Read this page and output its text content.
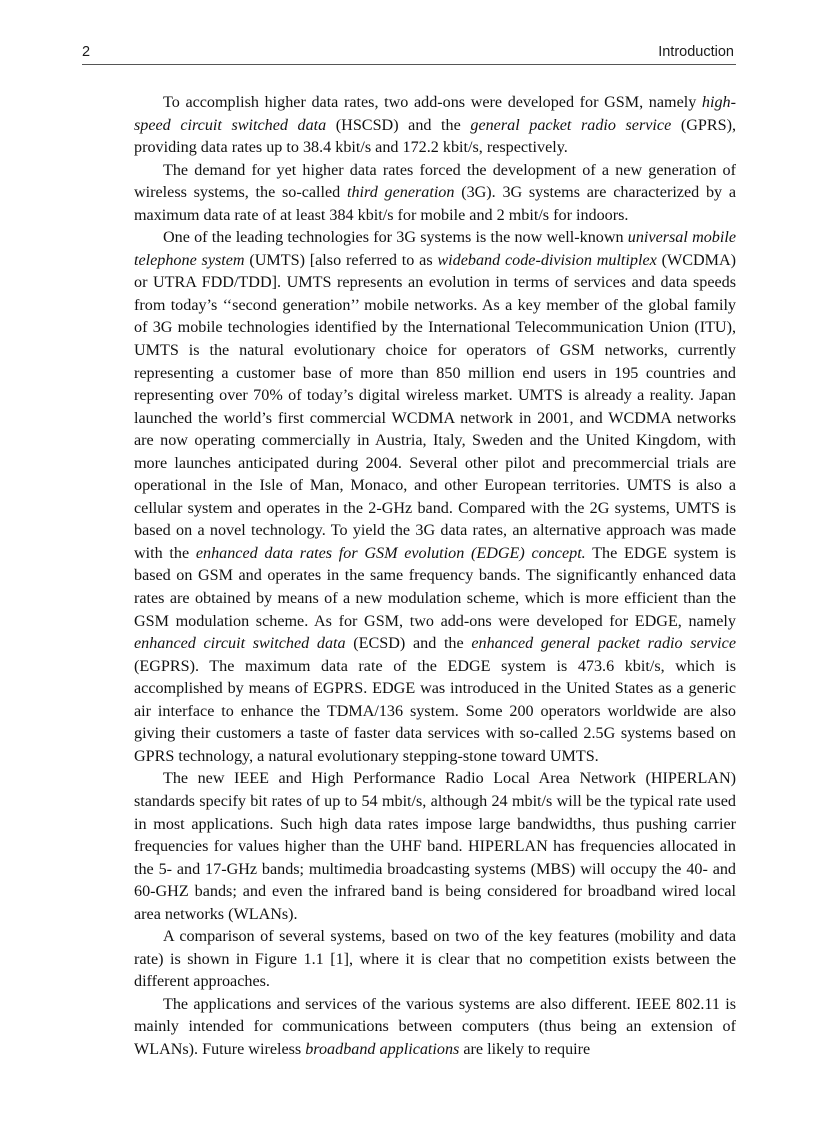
2	Introduction

To accomplish higher data rates, two add-ons were developed for GSM, namely high-speed circuit switched data (HSCSD) and the general packet radio service (GPRS), providing data rates up to 38.4 kbit/s and 172.2 kbit/s, respectively.

The demand for yet higher data rates forced the development of a new generation of wireless systems, the so-called third generation (3G). 3G systems are characterized by a maximum data rate of at least 384 kbit/s for mobile and 2 mbit/s for indoors.

One of the leading technologies for 3G systems is the now well-known universal mobile telephone system (UMTS) [also referred to as wideband code-division multiplex (WCDMA) or UTRA FDD/TDD]. UMTS represents an evolution in terms of services and data speeds from today’s ‘‘second generation’’ mobile networks. As a key member of the global family of 3G mobile technologies identified by the International Telecommunication Union (ITU), UMTS is the natural evolutionary choice for operators of GSM networks, currently representing a customer base of more than 850 million end users in 195 countries and representing over 70% of today’s digital wireless market. UMTS is already a reality. Japan launched the world’s first commercial WCDMA network in 2001, and WCDMA networks are now operating commercially in Austria, Italy, Sweden and the United Kingdom, with more launches anticipated during 2004. Several other pilot and precommercial trials are operational in the Isle of Man, Monaco, and other European territories. UMTS is also a cellular system and operates in the 2-GHz band. Compared with the 2G systems, UMTS is based on a novel technology. To yield the 3G data rates, an alternative approach was made with the enhanced data rates for GSM evolution (EDGE) concept. The EDGE system is based on GSM and operates in the same frequency bands. The significantly enhanced data rates are obtained by means of a new modulation scheme, which is more efficient than the GSM modulation scheme. As for GSM, two add-ons were developed for EDGE, namely enhanced circuit switched data (ECSD) and the enhanced general packet radio service (EGPRS). The maximum data rate of the EDGE system is 473.6 kbit/s, which is accomplished by means of EGPRS. EDGE was introduced in the United States as a generic air interface to enhance the TDMA/136 system. Some 200 operators worldwide are also giving their customers a taste of faster data services with so-called 2.5G systems based on GPRS technology, a natural evolutionary stepping-stone toward UMTS.

The new IEEE and High Performance Radio Local Area Network (HIPERLAN) standards specify bit rates of up to 54 mbit/s, although 24 mbit/s will be the typical rate used in most applications. Such high data rates impose large bandwidths, thus pushing carrier frequencies for values higher than the UHF band. HIPERLAN has frequencies allocated in the 5- and 17-GHz bands; multimedia broadcasting systems (MBS) will occupy the 40- and 60-GHZ bands; and even the infrared band is being considered for broadband wired local area networks (WLANs).

A comparison of several systems, based on two of the key features (mobility and data rate) is shown in Figure 1.1 [1], where it is clear that no competition exists between the different approaches.

The applications and services of the various systems are also different. IEEE 802.11 is mainly intended for communications between computers (thus being an extension of WLANs). Future wireless broadband applications are likely to require
